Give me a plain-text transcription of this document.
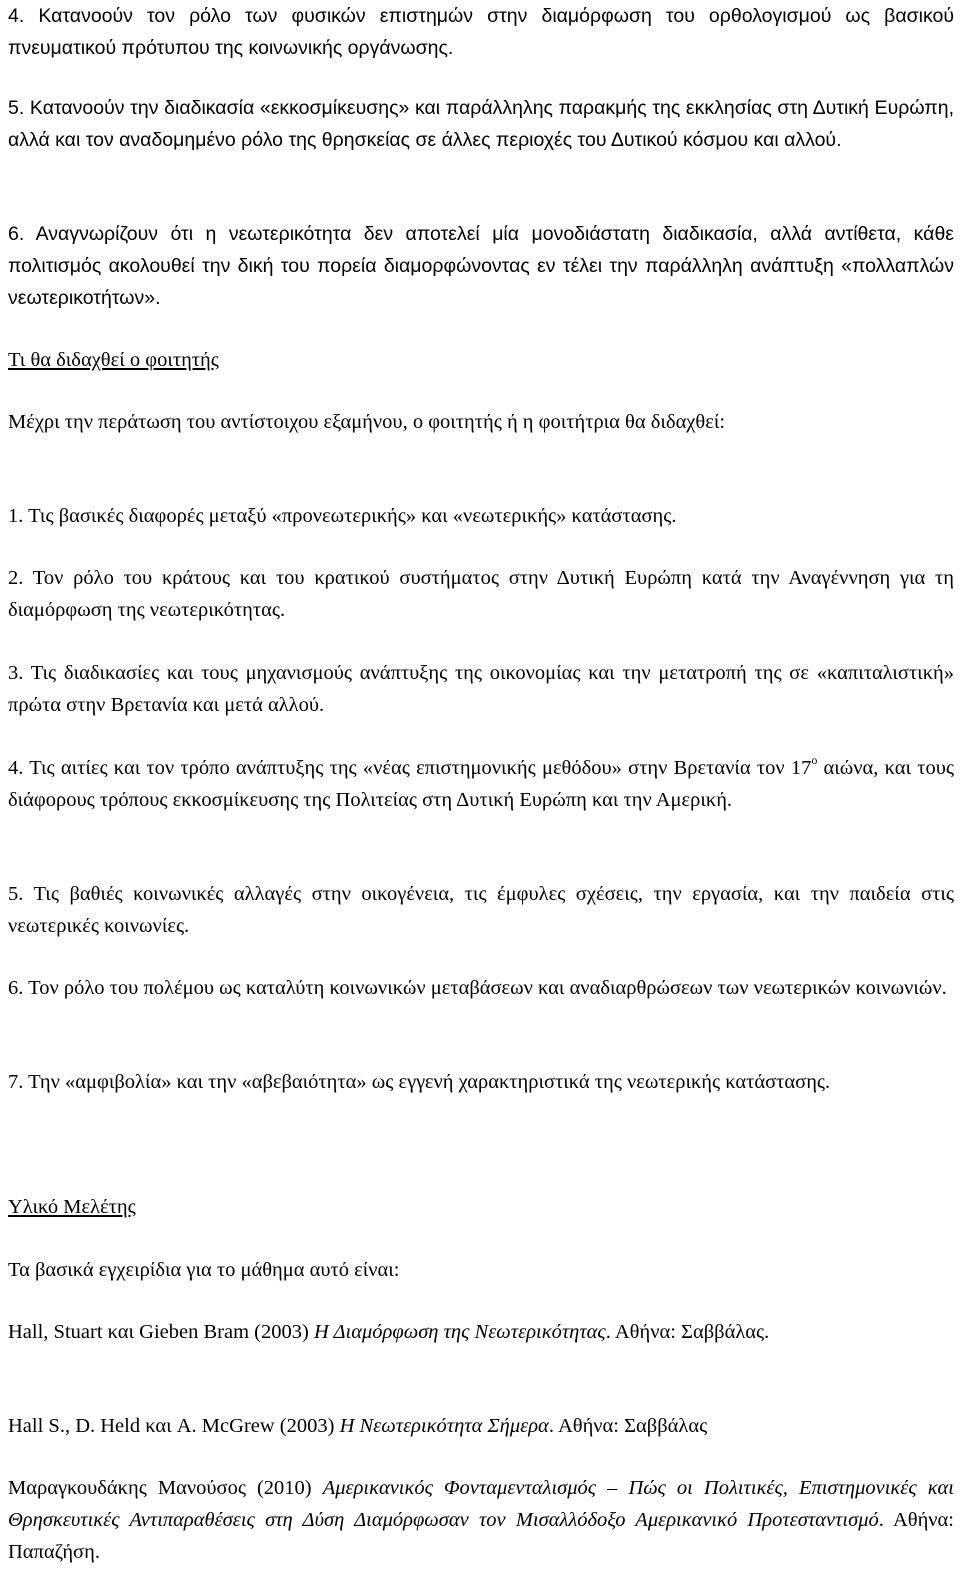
4. Κατανοούν τον ρόλο των φυσικών επιστημών στην διαμόρφωση του ορθολογισμού ως βασικού πνευματικού πρότυπου της κοινωνικής οργάνωσης.

5. Κατανοούν την διαδικασία «εκκοσμίκευσης» και παράλληλης παρακμής της εκκλησίας στη Δυτική Ευρώπη, αλλά και τον αναδομημένο ρόλο της θρησκείας σε άλλες περιοχές του Δυτικού κόσμου και αλλού.

6. Αναγνωρίζουν ότι η νεωτερικότητα δεν αποτελεί μία μονοδιάστατη διαδικασία, αλλά αντίθετα, κάθε πολιτισμός ακολουθεί την δική του πορεία διαμορφώνοντας εν τέλει την παράλληλη ανάπτυξη «πολλαπλών νεωτερικοτήτων».

Τι θα διδαχθεί ο φοιτητής

Μέχρι την περάτωση του αντίστοιχου εξαμήνου, ο φοιτητής ή η φοιτήτρια θα διδαχθεί:

1. Τις βασικές διαφορές μεταξύ «προνεωτερικής» και «νεωτερικής» κατάστασης.

2. Τον ρόλο του κράτους και του κρατικού συστήματος στην Δυτική Ευρώπη κατά την Αναγέννηση για τη διαμόρφωση της νεωτερικότητας.

3. Τις διαδικασίες και τους μηχανισμούς ανάπτυξης της οικονομίας και την μετατροπή της σε «καπιταλιστική» πρώτα στην Βρετανία και μετά αλλού.

4. Τις αιτίες και τον τρόπο ανάπτυξης της «νέας επιστημονικής μεθόδου» στην Βρετανία τον $17^o$ αιώνα, και τους διάφορους τρόπους εκκοσμίκευσης της Πολιτείας στη Δυτική Ευρώπη και την Αμερική.

5. Τις βαθιές κοινωνικές αλλαγές στην οικογένεια, τις έμφυλες σχέσεις, την εργασία, και την παιδεία στις νεωτερικές κοινωνίες.

6. Τον ρόλο του πολέμου ως καταλύτη κοινωνικών μεταβάσεων και αναδιαρθρώσεων των νεωτερικών κοινωνιών.

7. Την «αμφιβολία» και την «αβεβαιότητα» ως εγγενή χαρακτηριστικά της νεωτερικής κατάστασης.

Υλικό Μελέτης

Τα βασικά εγχειρίδια για το μάθημα αυτό είναι:

Hall, Stuart και Gieben Bram (2003) Η Διαμόρφωση της Νεωτερικότητας. Αθήνα: Σαββάλας.

Hall S., D. Held και A. McGrew (2003) Η Νεωτερικότητα Σήμερα. Αθήνα: Σαββάλας

Μαραγκουδάκης Μανούσος (2010) Αμερικανικός Φονταμενταλισμός – Πώς οι Πολιτικές, Επιστημονικές και Θρησκευτικές Αντιπαραθέσεις στη Δύση Διαμόρφωσαν τον Μισαλλόδοξο Αμερικανικό Προτεσταντισμό. Αθήνα: Παπαζήση.
